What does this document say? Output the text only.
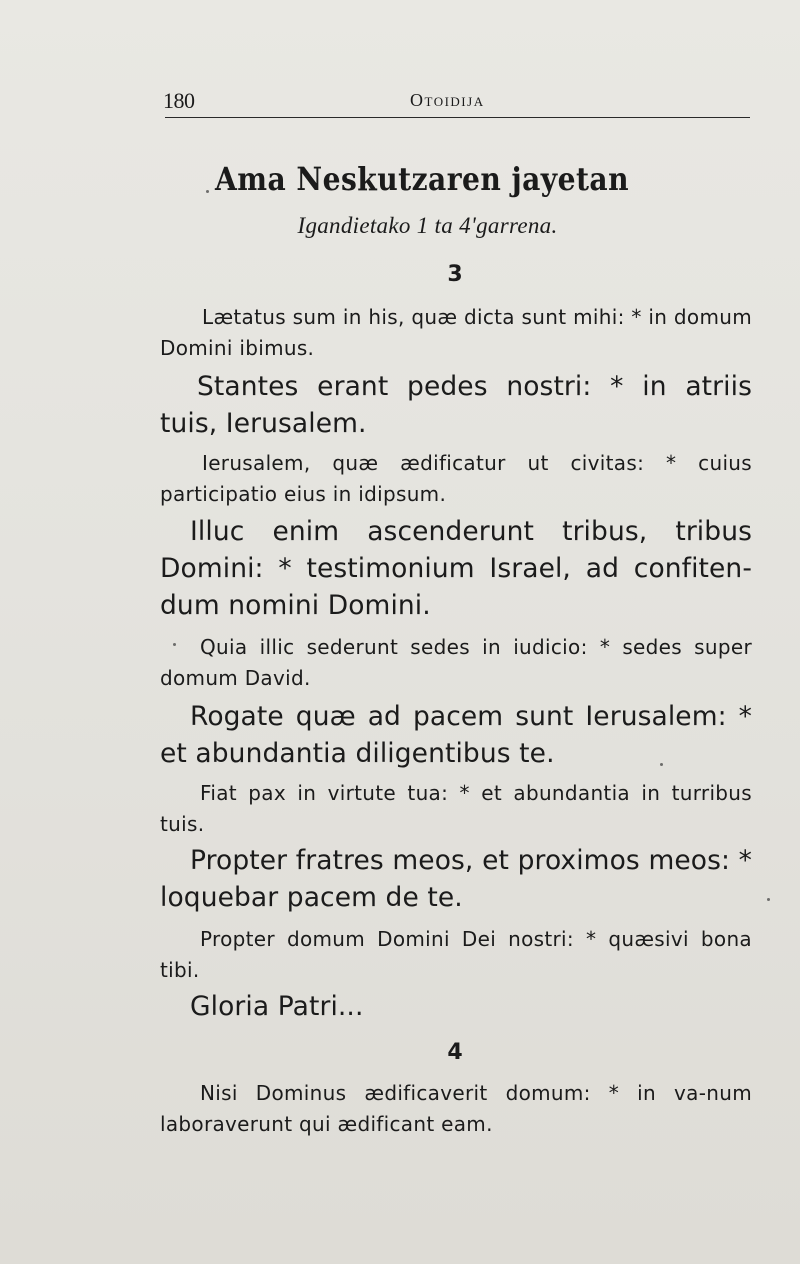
180	Otoidija
Ama Neskutzaren jayetan
Igandietako 1 ta 4'garrena.
3

Lætatus sum in his, quæ dicta sunt mihi: * in domum Domini ibimus.

Stantes erant pedes nostri: * in atriis tuis, Ierusalem.

Ierusalem, quæ ædificatur ut civitas: * cuius participatio eius in idipsum.

Illuc enim ascenderunt tribus, tribus Domini: * testimonium Israel, ad confiten-dum nomini Domini.

Quia illic sederunt sedes in iudicio: * sedes super domum David.

Rogate quæ ad pacem sunt Ierusalem: * et abundantia diligentibus te.

Fiat pax in virtute tua: * et abundantia in turribus tuis.

Propter fratres meos, et proximos meos: * loquebar pacem de te.

Propter domum Domini Dei nostri: * quæsivi bona tibi.

Gloria Patri...

4

Nisi Dominus ædificaverit domum: * in va-num laboraverunt qui ædificant eam.
